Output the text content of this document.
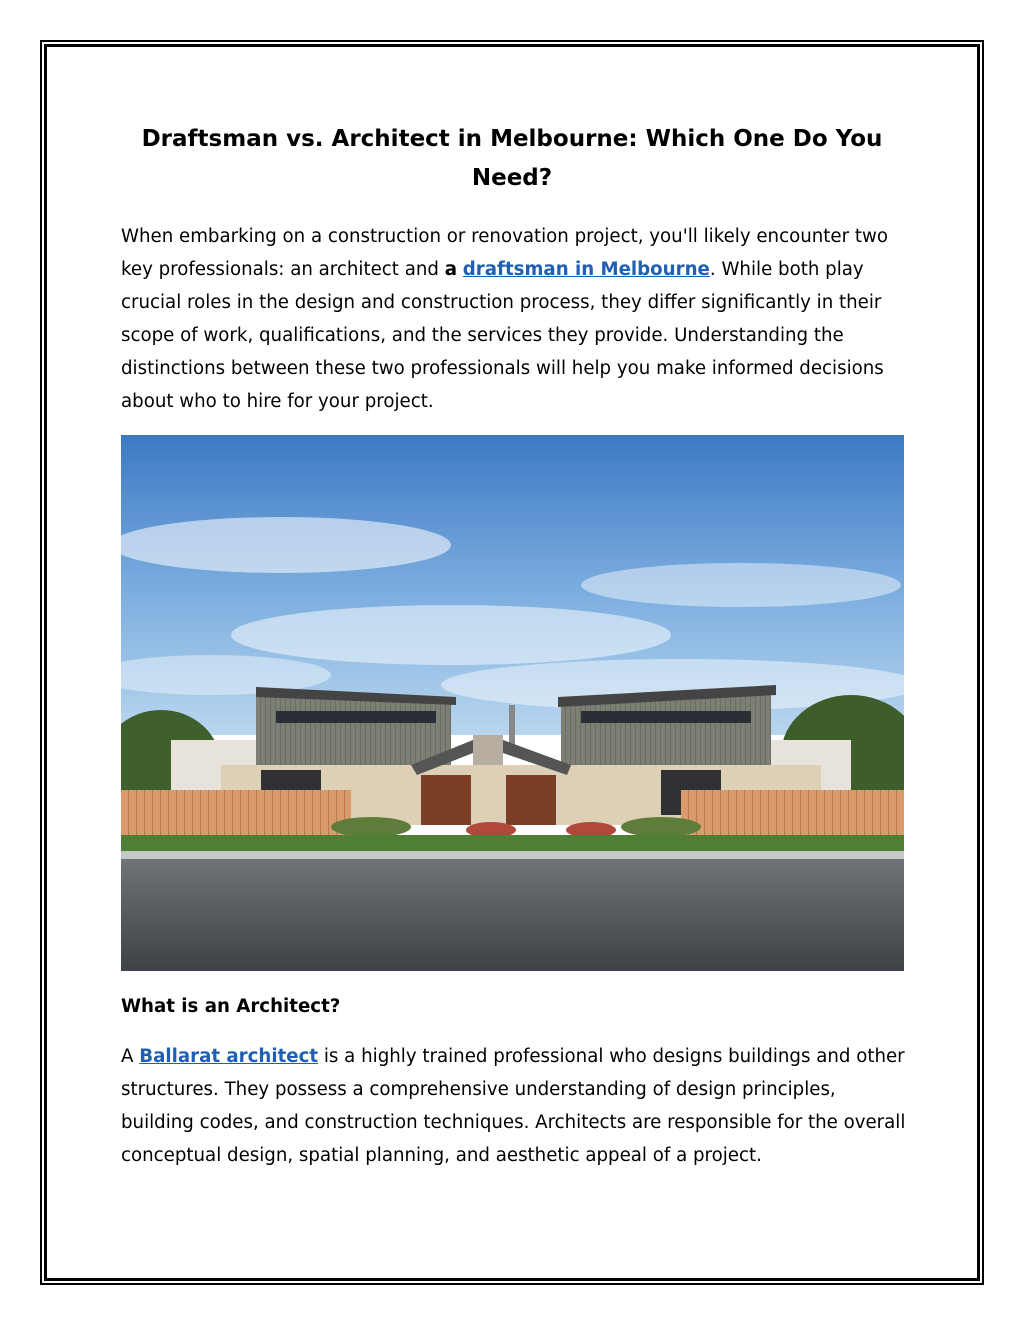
Draftsman vs. Architect in Melbourne: Which One Do You Need?

When embarking on a construction or renovation project, you'll likely encounter two key professionals: an architect and a draftsman in Melbourne. While both play crucial roles in the design and construction process, they differ significantly in their scope of work, qualifications, and the services they provide. Understanding the distinctions between these two professionals will help you make informed decisions about who to hire for your project.

What is an Architect?

A Ballarat architect is a highly trained professional who designs buildings and other structures. They possess a comprehensive understanding of design principles, building codes, and construction techniques. Architects are responsible for the overall conceptual design, spatial planning, and aesthetic appeal of a project.
